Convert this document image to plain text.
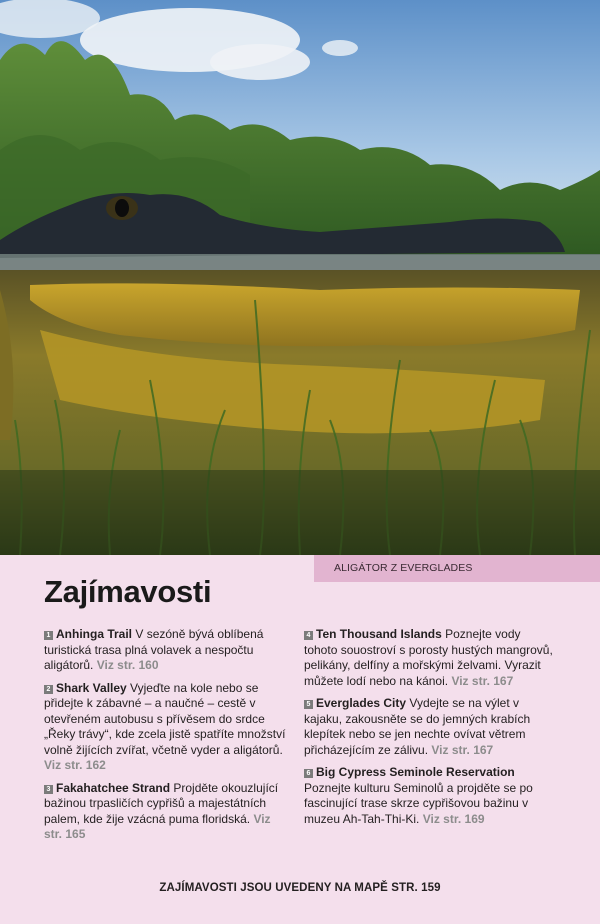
ALIGÁTOR Z EVERGLADES
Zajímavosti

1 Anhinga Trail V sezóně bývá oblíbená turistická trasa plná volavek a nespočtu aligátorů. Viz str. 160

2 Shark Valley Vyjeďte na kole nebo se přidejte k zábavné – a naučné – cestě v otevřeném autobusu s přívěsem do srdce „Řeky trávy“, kde zcela jistě spatříte množství volně žijících zvířat, včetně vyder a aligátorů. Viz str. 162

3 Fakahatchee Strand Projděte okouzlující bažinou trpasličích cypřišů a majestátních palem, kde žije vzácná puma floridská. Viz str. 165

4 Ten Thousand Islands Poznejte vody tohoto souostroví s porosty hustých mangrovů, pelikány, delfíny a mořskými želvami. Vyrazit můžete lodí nebo na kánoi. Viz str. 167

5 Everglades City Vydejte se na výlet v kajaku, zakousněte se do jemných krabích klepítek nebo se jen nechte ovívat větrem přicházejícím ze zálivu. Viz str. 167

6 Big Cypress Seminole Reservation Poznejte kulturu Seminolů a projděte se po fascinující trase skrze cypřišovou bažinu v muzeu Ah-Tah-Thi-Ki. Viz str. 169

ZAJÍMAVOSTI JSOU UVEDENY NA MAPĚ STR. 159
